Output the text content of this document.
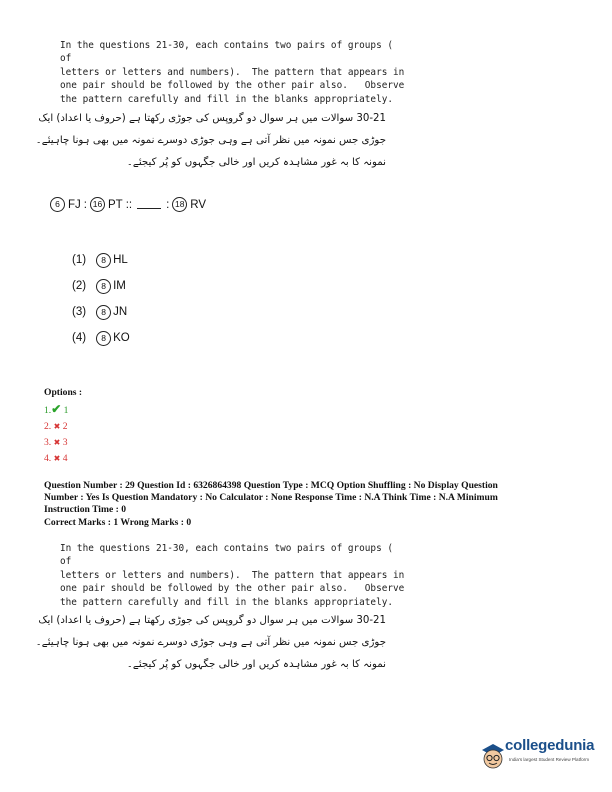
In the questions 21-30, each contains two pairs of groups ( of
letters or letters and numbers).  The pattern that appears in
one pair should be followed by the other pair also.   Observe
the pattern carefully and fill in the blanks appropriately.
30-21 سوالات میں ہر سوال دو گروپس کی جوڑی رکھتا ہے (حروف یا اعداد) ایک
جوڑی جس نمونہ میں نظر آتی ہے وہی جوڑی دوسرے نمونہ میں بھی ہونا چاہیئے۔
نمونہ کا بہ غور مشاہدہ کریں اور خالی جگہوں کو پُر کیجئے۔
6 FJ : 16 PT ::	: 18 RV
(1)	8 HL
(2)	8 IM
(3)	8 JN
(4)	8 KO
Options :
1.✔ 1
2. ✖ 2
3. ✖ 3
4. ✖ 4
Question Number : 29 Question Id : 6326864398 Question Type : MCQ Option Shuffling : No Display Question
Number : Yes Is Question Mandatory : No Calculator : None Response Time : N.A Think Time : N.A Minimum
Instruction Time : 0
Correct Marks : 1 Wrong Marks : 0
In the questions 21-30, each contains two pairs of groups ( of
letters or letters and numbers).  The pattern that appears in
one pair should be followed by the other pair also.   Observe
the pattern carefully and fill in the blanks appropriately.
30-21 سوالات میں ہر سوال دو گروپس کی جوڑی رکھتا ہے (حروف یا اعداد) ایک
جوڑی جس نمونہ میں نظر آتی ہے وہی جوڑی دوسرے نمونہ میں بھی ہونا چاہیئے۔
نمونہ کا بہ غور مشاہدہ کریں اور خالی جگہوں کو پُر کیجئے۔
collegedunia
India's largest Student Review Platform
